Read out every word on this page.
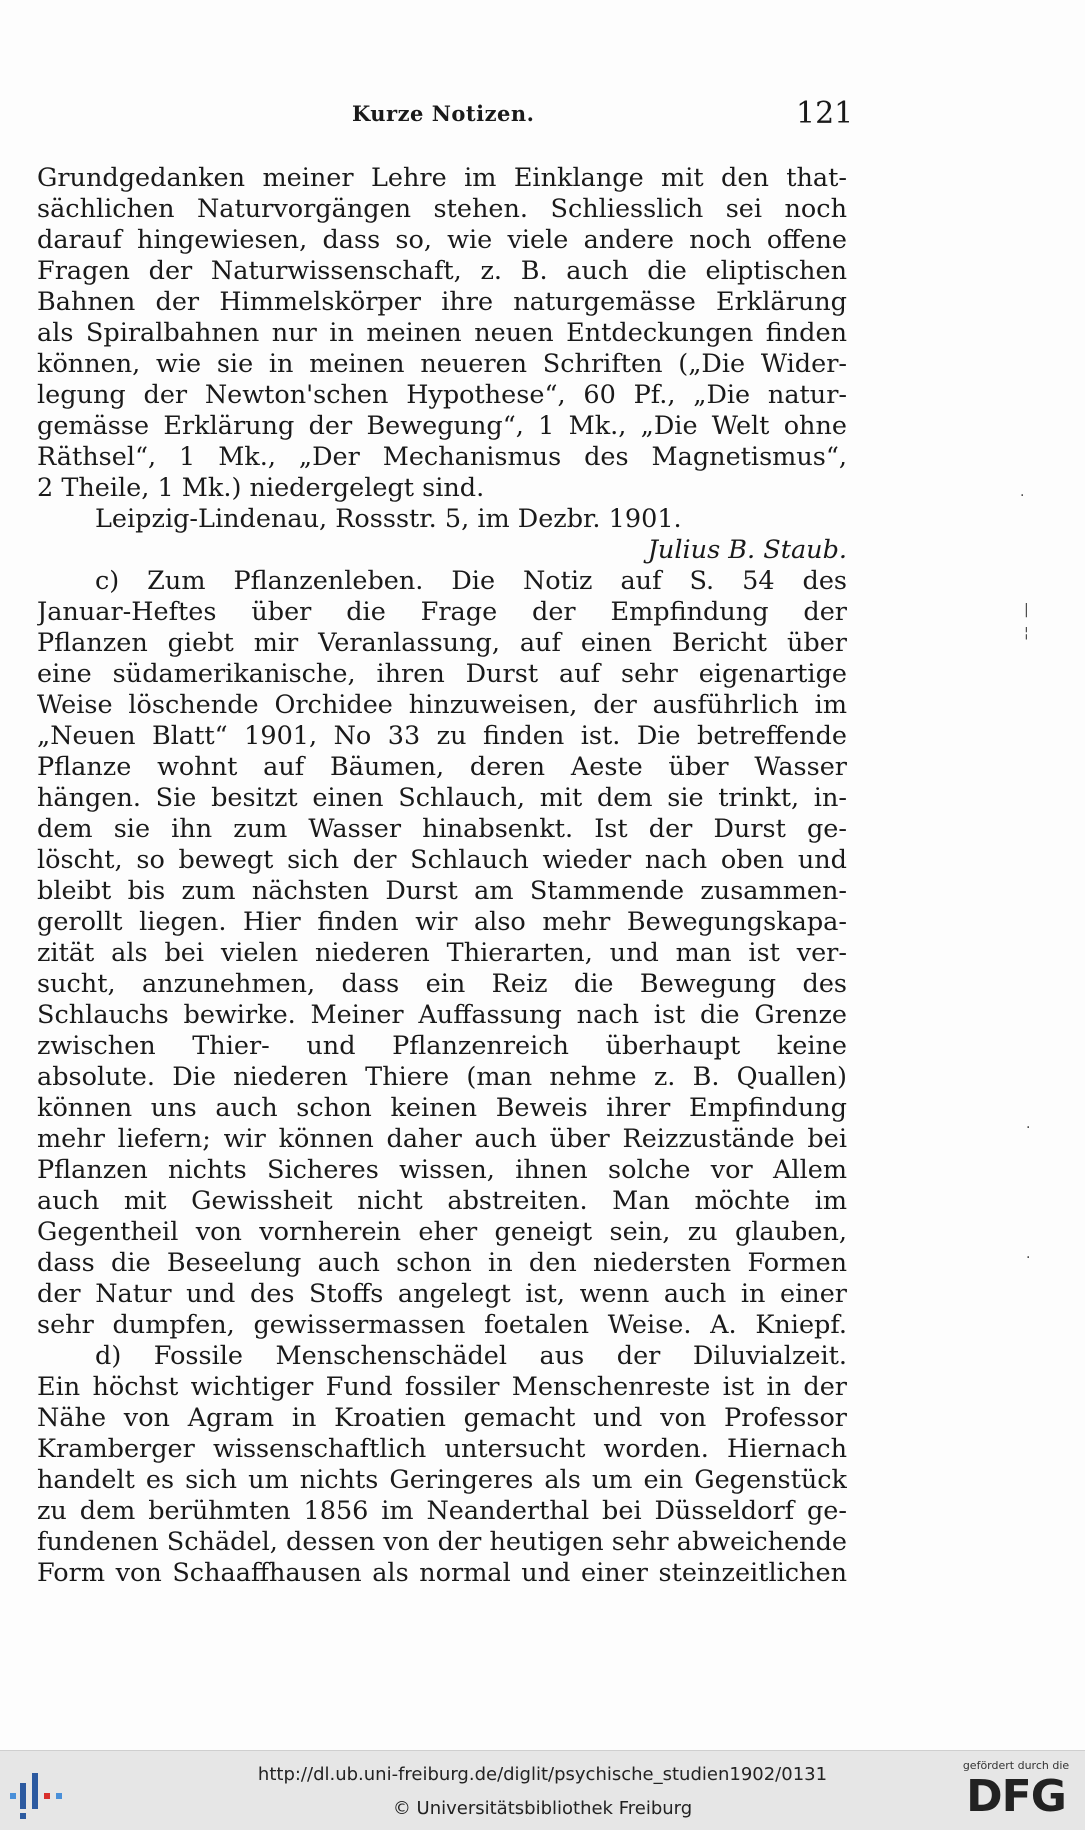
Kurze Notizen.	121
Grundgedanken meiner Lehre im Einklange mit den that-
sächlichen Naturvorgängen stehen. Schliesslich sei noch
darauf hingewiesen, dass so, wie viele andere noch offene
Fragen der Naturwissenschaft, z. B. auch die eliptischen
Bahnen der Himmelskörper ihre naturgemässe Erklärung
als Spiralbahnen nur in meinen neuen Entdeckungen finden
können, wie sie in meinen neueren Schriften („Die Wider-
legung der Newton'schen Hypothese“, 60 Pf., „Die natur-
gemässe Erklärung der Bewegung“, 1 Mk., „Die Welt ohne
Räthsel“, 1 Mk., „Der Mechanismus des Magnetismus“,
2 Theile, 1 Mk.) niedergelegt sind.
Leipzig-Lindenau, Rossstr. 5, im Dezbr. 1901.
Julius B. Staub.
c) Zum Pflanzenleben. Die Notiz auf S. 54 des
Januar-Heftes über die Frage der Empfindung der
Pflanzen giebt mir Veranlassung, auf einen Bericht über
eine südamerikanische, ihren Durst auf sehr eigenartige
Weise löschende Orchidee hinzuweisen, der ausführlich im
„Neuen Blatt“ 1901, No 33 zu finden ist. Die betreffende
Pflanze wohnt auf Bäumen, deren Aeste über Wasser
hängen. Sie besitzt einen Schlauch, mit dem sie trinkt, in-
dem sie ihn zum Wasser hinabsenkt. Ist der Durst ge-
löscht, so bewegt sich der Schlauch wieder nach oben und
bleibt bis zum nächsten Durst am Stammende zusammen-
gerollt liegen. Hier finden wir also mehr Bewegungskapa-
zität als bei vielen niederen Thierarten, und man ist ver-
sucht, anzunehmen, dass ein Reiz die Bewegung des
Schlauchs bewirke. Meiner Auffassung nach ist die Grenze
zwischen Thier- und Pflanzenreich überhaupt keine
absolute. Die niederen Thiere (man nehme z. B. Quallen)
können uns auch schon keinen Beweis ihrer Empfindung
mehr liefern; wir können daher auch über Reizzustände bei
Pflanzen nichts Sicheres wissen, ihnen solche vor Allem
auch mit Gewissheit nicht abstreiten. Man möchte im
Gegentheil von vornherein eher geneigt sein, zu glauben,
dass die Beseelung auch schon in den niedersten Formen
der Natur und des Stoffs angelegt ist, wenn auch in einer
sehr dumpfen, gewissermassen foetalen Weise. A. Kniepf.
d) Fossile Menschenschädel aus der Diluvialzeit.
Ein höchst wichtiger Fund fossiler Menschenreste ist in der
Nähe von Agram in Kroatien gemacht und von Professor
Kramberger wissenschaftlich untersucht worden. Hiernach
handelt es sich um nichts Geringeres als um ein Gegenstück
zu dem berühmten 1856 im Neanderthal bei Düsseldorf ge-
fundenen Schädel, dessen von der heutigen sehr abweichende
Form von Schaaffhausen als normal und einer steinzeitlichen
·
|
¦
·
·
http://dl.ub.uni-freiburg.de/diglit/psychische_studien1902/0131
© Universitätsbibliothek Freiburg
gefördert durch die
DFG
